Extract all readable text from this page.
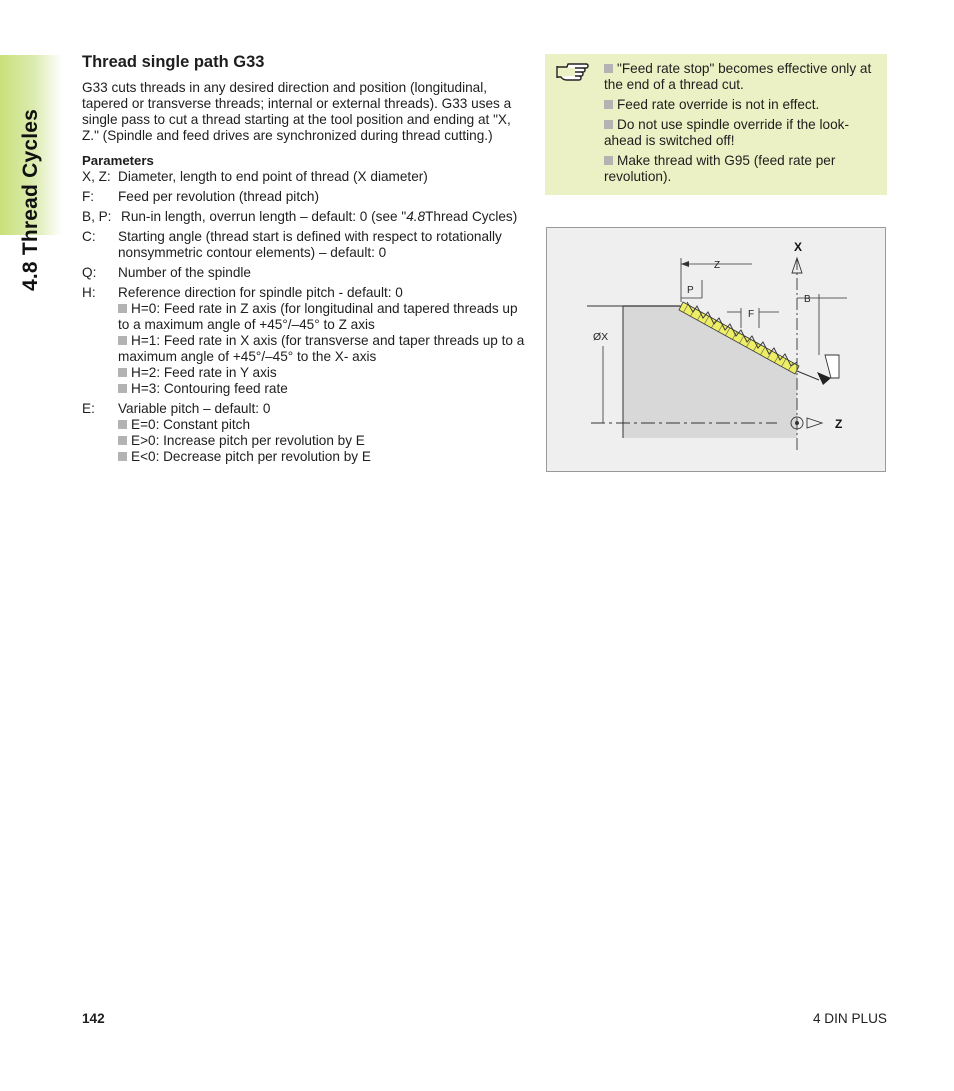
4.8 Thread Cycles
Thread single path G33
G33 cuts threads in any desired direction and position (longitudinal, tapered or transverse threads; internal or external threads). G33 uses a single pass to cut a thread starting at the tool position and ending at "X, Z." (Spindle and feed drives are synchronized during thread cutting.)
Parameters
X, Z: Diameter, length to end point of thread (X diameter)
F:	Feed per revolution (thread pitch)
B, P: Run-in length, overrun length – default: 0 (see "4.8Thread Cycles)
C:	Starting angle (thread start is defined with respect to rotationally nonsymmetric contour elements) – default: 0
Q:	Number of the spindle
H:	Reference direction for spindle pitch - default: 0
H=0: Feed rate in Z axis (for longitudinal and tapered threads up to a maximum angle of +45°/–45° to Z axis
H=1: Feed rate in X axis (for transverse and taper threads up to a maximum angle of +45°/–45° to the X- axis
H=2: Feed rate in Y axis
H=3: Contouring feed rate
E:	Variable pitch – default: 0
E=0: Constant pitch
E>0: Increase pitch per revolution by E
E<0: Decrease pitch per revolution by E
"Feed rate stop" becomes effective only at the end of a thread cut.
Feed rate override is not in effect.
Do not use spindle override if the look-ahead is switched off!
Make thread with G95 (feed rate per revolution).
X
Z
Z
P
F
B
ØX
142	4 DIN PLUS
